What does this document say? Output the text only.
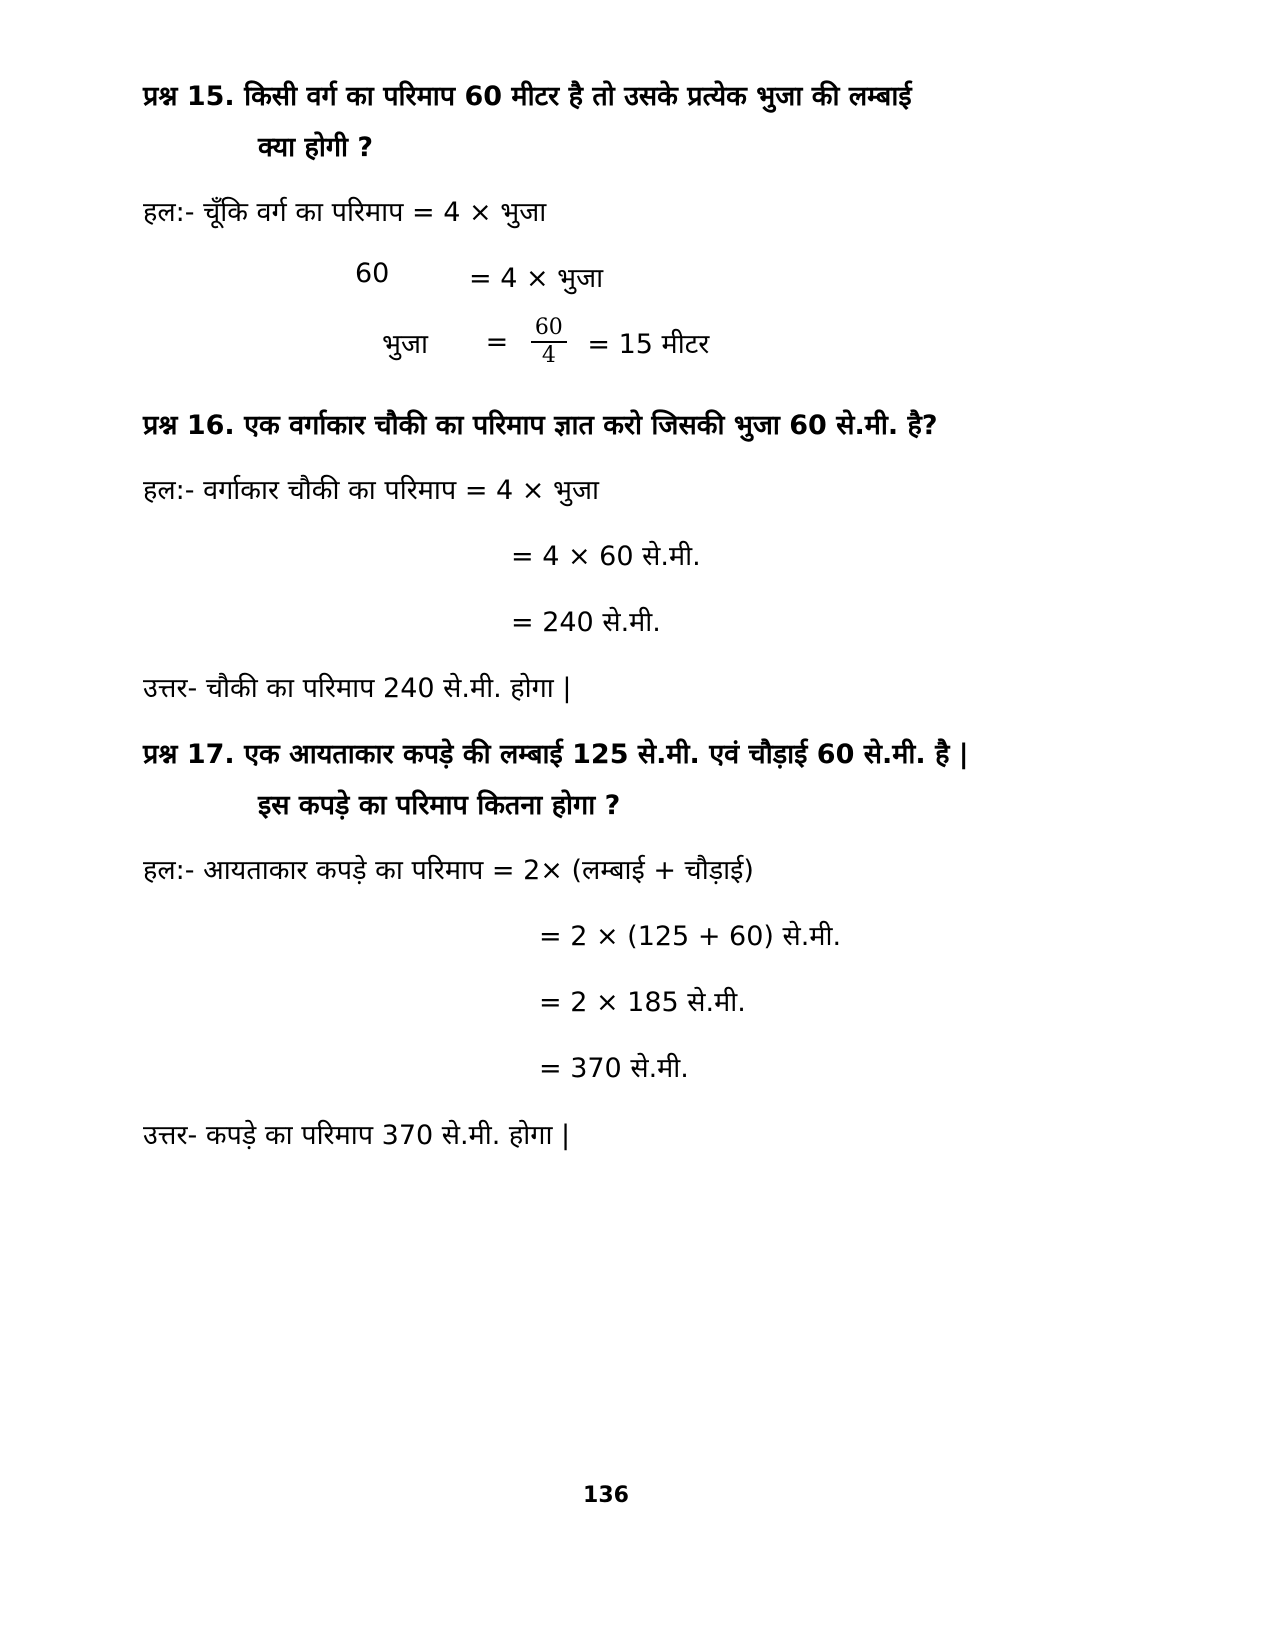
प्रश्न 15. किसी वर्ग का परिमाप 60 मीटर है तो उसके प्रत्येक भुजा की लम्बाई
क्या होगी ?
हल:- चूँकि वर्ग का परिमाप = 4 × भुजा
60	= 4 × भुजा
भुजा = $\frac{60}{4} = 15$ मीटर
प्रश्न 16. एक वर्गाकार चौकी का परिमाप ज्ञात करो जिसकी भुजा 60 से.मी. है?
हल:- वर्गाकार चौकी का परिमाप = 4 × भुजा
= 4 × 60 से.मी.
= 240 से.मी.
उत्तर- चौकी का परिमाप 240 से.मी. होगा |
प्रश्न 17. एक आयताकार कपड़े की लम्बाई 125 से.मी. एवं चौड़ाई 60 से.मी. है |
इस कपड़े का परिमाप कितना होगा ?
हल:- आयताकार कपड़े का परिमाप = 2× (लम्बाई + चौड़ाई)
= 2 × (125 + 60) से.मी.
= 2 × 185 से.मी.
= 370 से.मी.
उत्तर- कपड़े का परिमाप 370 से.मी. होगा |
136
